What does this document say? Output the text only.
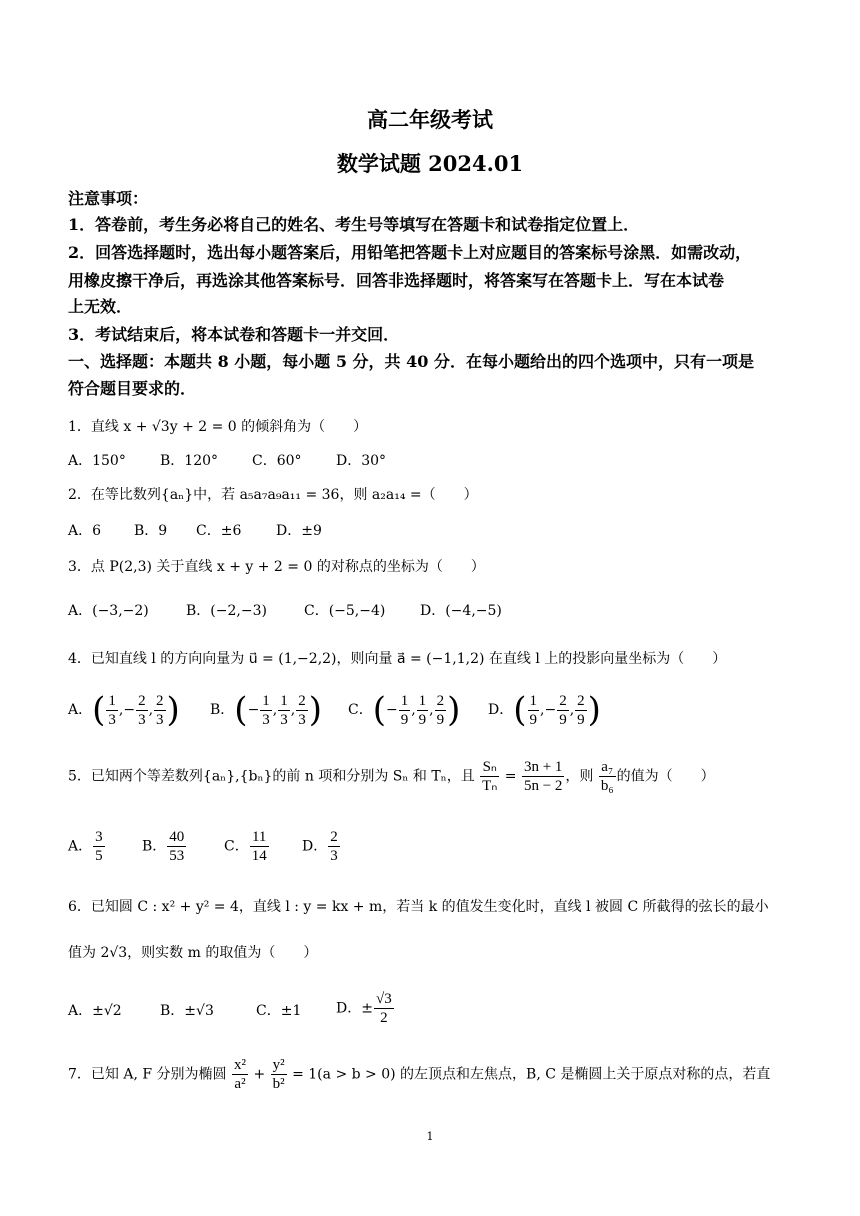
高二年级考试
数学试题 2024.01
注意事项：
1．答卷前，考生务必将自己的姓名、考生号等填写在答题卡和试卷指定位置上．
2．回答选择题时，选出每小题答案后，用铅笔把答题卡上对应题目的答案标号涂黑．如需改动，
用橡皮擦干净后，再选涂其他答案标号．回答非选择题时，将答案写在答题卡上．写在本试卷
上无效．
3．考试结束后，将本试卷和答题卡一并交回．
一、选择题：本题共 8 小题，每小题 5 分，共 40 分．在每小题给出的四个选项中，只有一项是
符合题目要求的．
1．直线 x + √3y + 2 = 0 的倾斜角为（　　）
A．150° B．120° C．60° D．30°
2．在等比数列{aₙ}中，若 a₅a₇a₉a₁₁ = 36，则 a₂a₁₄ =（　　）
A．6 B．9 C．±6 D．±9
3．点 P(2,3) 关于直线 x + y + 2 = 0 的对称点的坐标为（　　）
A．(−3,−2)	B．(−2,−3)	C．(−5,−4) D．(−4,−5)
4．已知直线 l 的方向向量为 u⃗ = (1,−2,2)，则向量 a⃗ = (−1,1,2) 在直线 l 上的投影向量坐标为（　　）
A．( $\frac{1}{3}$ ,− $\frac{2}{3}$ , $\frac{2}{3}$ ) B．(− $\frac{1}{3}$ , $\frac{1}{3}$ , $\frac{2}{3}$ ) C．(− $\frac{1}{9}$ , $\frac{1}{9}$ , $\frac{2}{9}$ ) D．( $\frac{1}{9}$ ,− $\frac{2}{9}$ , $\frac{2}{9}$ )
5．已知两个等差数列{aₙ},{bₙ}的前 n 项和分别为 Sₙ 和 Tₙ，且 $\frac{\text{Sₙ}}{\text{Tₙ}} = \frac{3n + 1}{5n - 2}$ ，则 $\frac{\text{a₇}}{\text{b₆}}$ 的值为（　　）
A． $\frac{3}{5}$	B． $\frac{40}{53}$	C． $\frac{11}{14}$ D． $\frac{2}{3}$
6．已知圆 C : x² + y² = 4，直线 l : y = kx + m，若当 k 的值发生变化时，直线 l 被圆 C 所截得的弦长的最小
值为 2√3，则实数 m 的取值为（　　）
A．±√2	B．±√3	C．±1 D．± $\frac{√3}{2}$
7．已知 A, F 分别为椭圆 $\frac{\text{x²}}{\text{a²}} + \frac{\text{y²}}{\text{b²}} = 1(a > b > 0)$ 的左顶点和左焦点，B, C 是椭圆上关于原点对称的点，若直
1
